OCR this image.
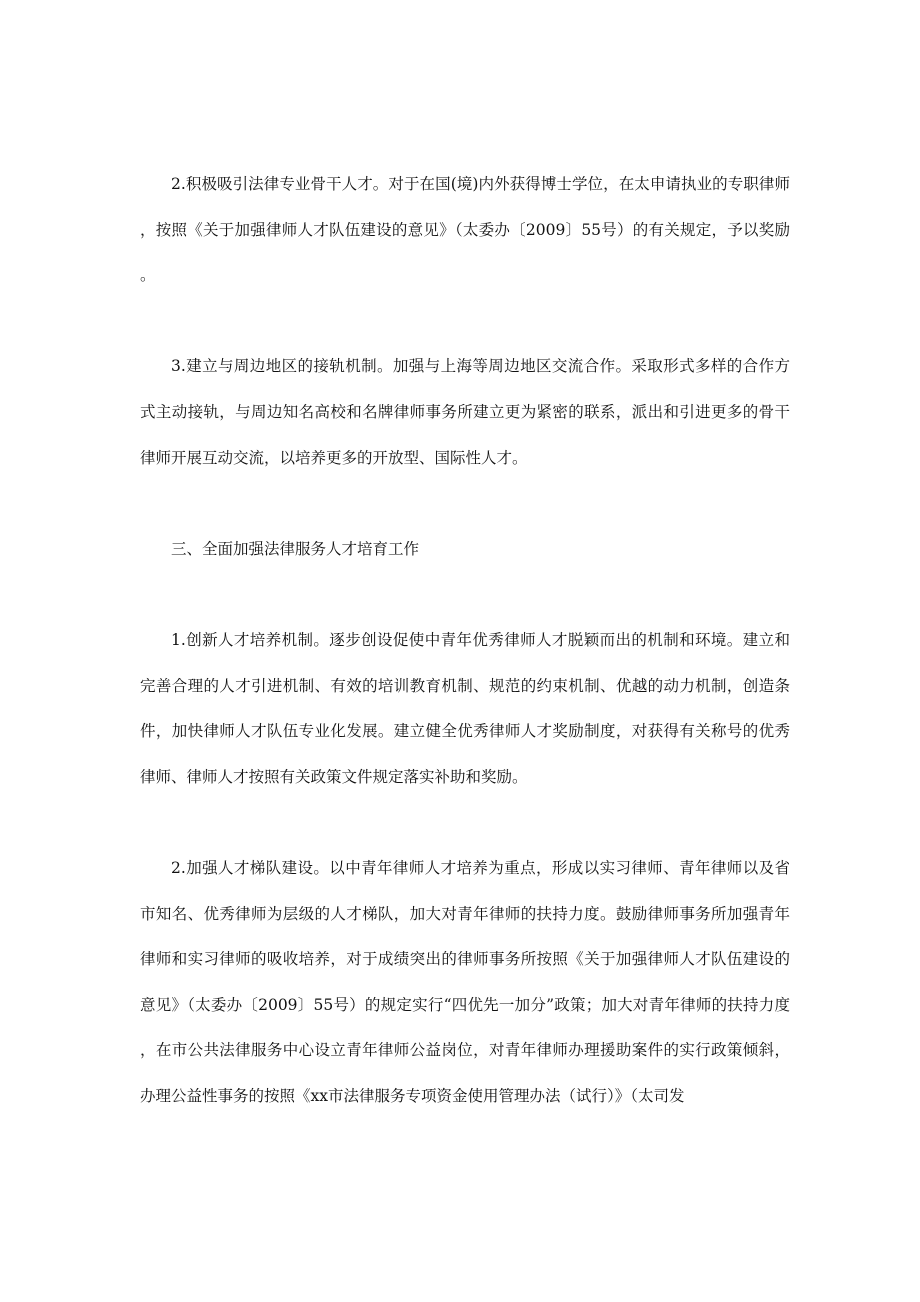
2.积极吸引法律专业骨干人才。对于在国(境)内外获得博士学位，在太申请执业的专职律师，按照《关于加强律师人才队伍建设的意见》（太委办〔2009〕55号）的有关规定，予以奖励。

3.建立与周边地区的接轨机制。加强与上海等周边地区交流合作。采取形式多样的合作方式主动接轨，与周边知名高校和名牌律师事务所建立更为紧密的联系，派出和引进更多的骨干律师开展互动交流，以培养更多的开放型、国际性人才。

三、全面加强法律服务人才培育工作

1.创新人才培养机制。逐步创设促使中青年优秀律师人才脱颖而出的机制和环境。建立和完善合理的人才引进机制、有效的培训教育机制、规范的约束机制、优越的动力机制，创造条件，加快律师人才队伍专业化发展。建立健全优秀律师人才奖励制度，对获得有关称号的优秀律师、律师人才按照有关政策文件规定落实补助和奖励。

2.加强人才梯队建设。以中青年律师人才培养为重点，形成以实习律师、青年律师以及省市知名、优秀律师为层级的人才梯队，加大对青年律师的扶持力度。鼓励律师事务所加强青年律师和实习律师的吸收培养，对于成绩突出的律师事务所按照《关于加强律师人才队伍建设的意见》（太委办〔2009〕55号）的规定实行“四优先一加分”政策；加大对青年律师的扶持力度，在市公共法律服务中心设立青年律师公益岗位，对青年律师办理援助案件的实行政策倾斜，办理公益性事务的按照《xx市法律服务专项资金使用管理办法（试行）》（太司发
